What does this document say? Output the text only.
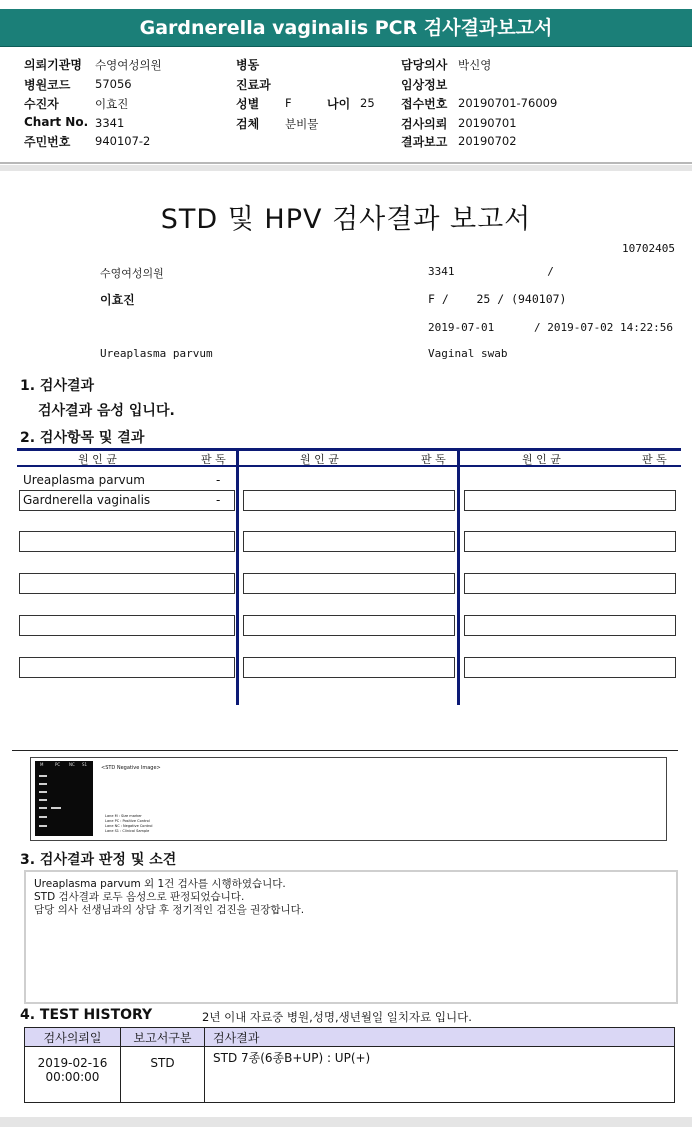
Gardnerella vaginalis PCR 검사결과보고서
의뢰기관명 수영여성의원
병원코드 57056
수진자	이효진
Chart No. 3341
주민번호 940107-2
병동
진료과
성별 F	나이 25
검체 분비물
담당의사 박신영
임상정보
접수번호 20190701-76009
검사의뢰 20190701
결과보고 20190702
STD 및 HPV 검사결과 보고서
10702405
수영여성의원	3341              /
이효진	F /    25 / (940107)
2019-07-01      / 2019-07-02 14:22:56
Ureaplasma parvum	Vaginal swab
1. 검사결과
검사결과 음성 입니다.
2. 검사항목 및 결과
원 인 균	판 독	원 인 균	판 독	원 인 균	판 독
Ureaplasma parvum	-
Gardnerella vaginalis	-
M	PC NC S1
<STD Negative Image>
Lane M : Size marker
Lane PC : Positive Control
Lane NC : Negative Control
Lane S1 : Clinical Sample
3. 검사결과 판정 및 소견
Ureaplasma parvum 외 1건 검사를 시행하였습니다.
STD 검사결과 로두 음성으로 판정되었습니다.
담당 의사 선생님과의 상담 후 정기적인 검진을 권장합니다.
4. TEST HISTORY	2년 이내 자료중 병원,성명,생년월일 일치자료 입니다.
검사의뢰일	보고서구분	검사결과

2019-02-16
00:00:00	STD	STD 7종(6종B+UP) : UP(+)
